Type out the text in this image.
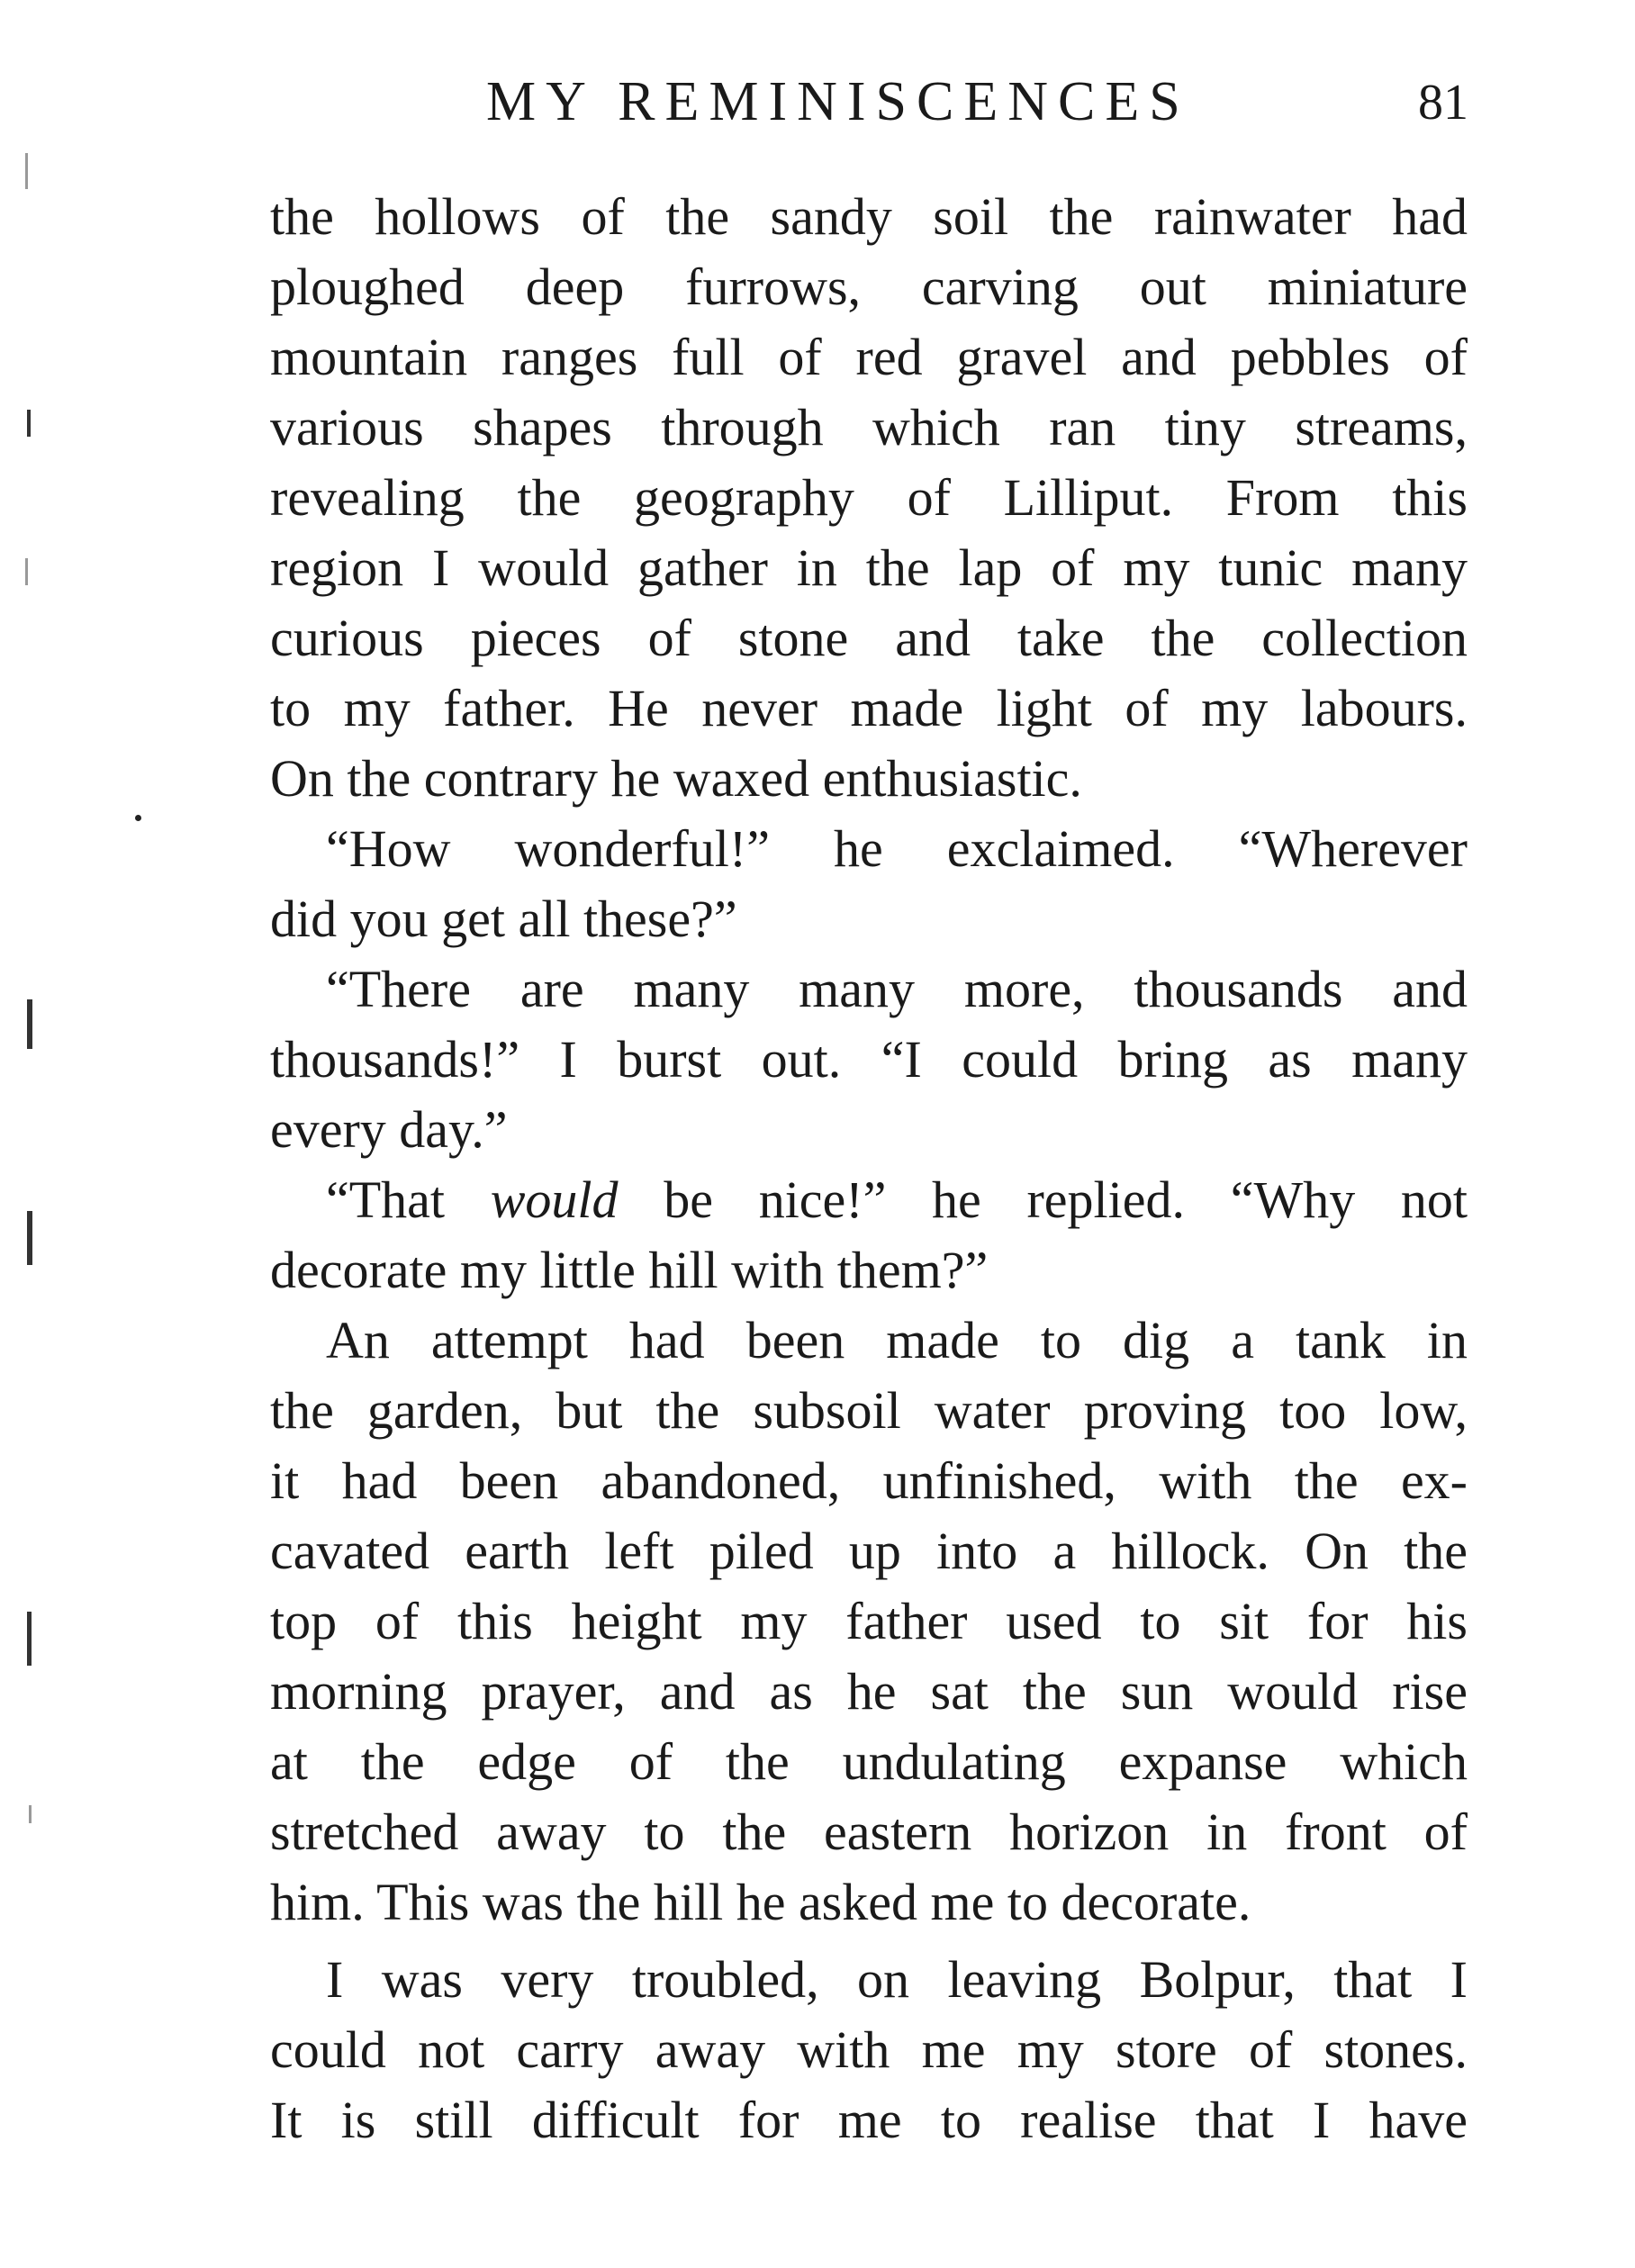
MY REMINISCENCES	81
the hollows of the sandy soil the rainwater had
ploughed deep furrows, carving out miniature
mountain ranges full of red gravel and pebbles of
various shapes through which ran tiny streams,
revealing the geography of Lilliput. From this
region I would gather in the lap of my tunic many
curious pieces of stone and take the collection
to my father. He never made light of my labours.
On the contrary he waxed enthusiastic.
“How wonderful!” he exclaimed. “Wherever
did you get all these?”
“There are many many more, thousands and
thousands!” I burst out. “I could bring as many
every day.”
“That would be nice!” he replied. “Why not
decorate my little hill with them?”
An attempt had been made to dig a tank in
the garden, but the subsoil water proving too low,
it had been abandoned, unfinished, with the ex-
cavated earth left piled up into a hillock. On the
top of this height my father used to sit for his
morning prayer, and as he sat the sun would rise
at the edge of the undulating expanse which
stretched away to the eastern horizon in front of
him. This was the hill he asked me to decorate.
I was very troubled, on leaving Bolpur, that I
could not carry away with me my store of stones.
It is still difficult for me to realise that I have
